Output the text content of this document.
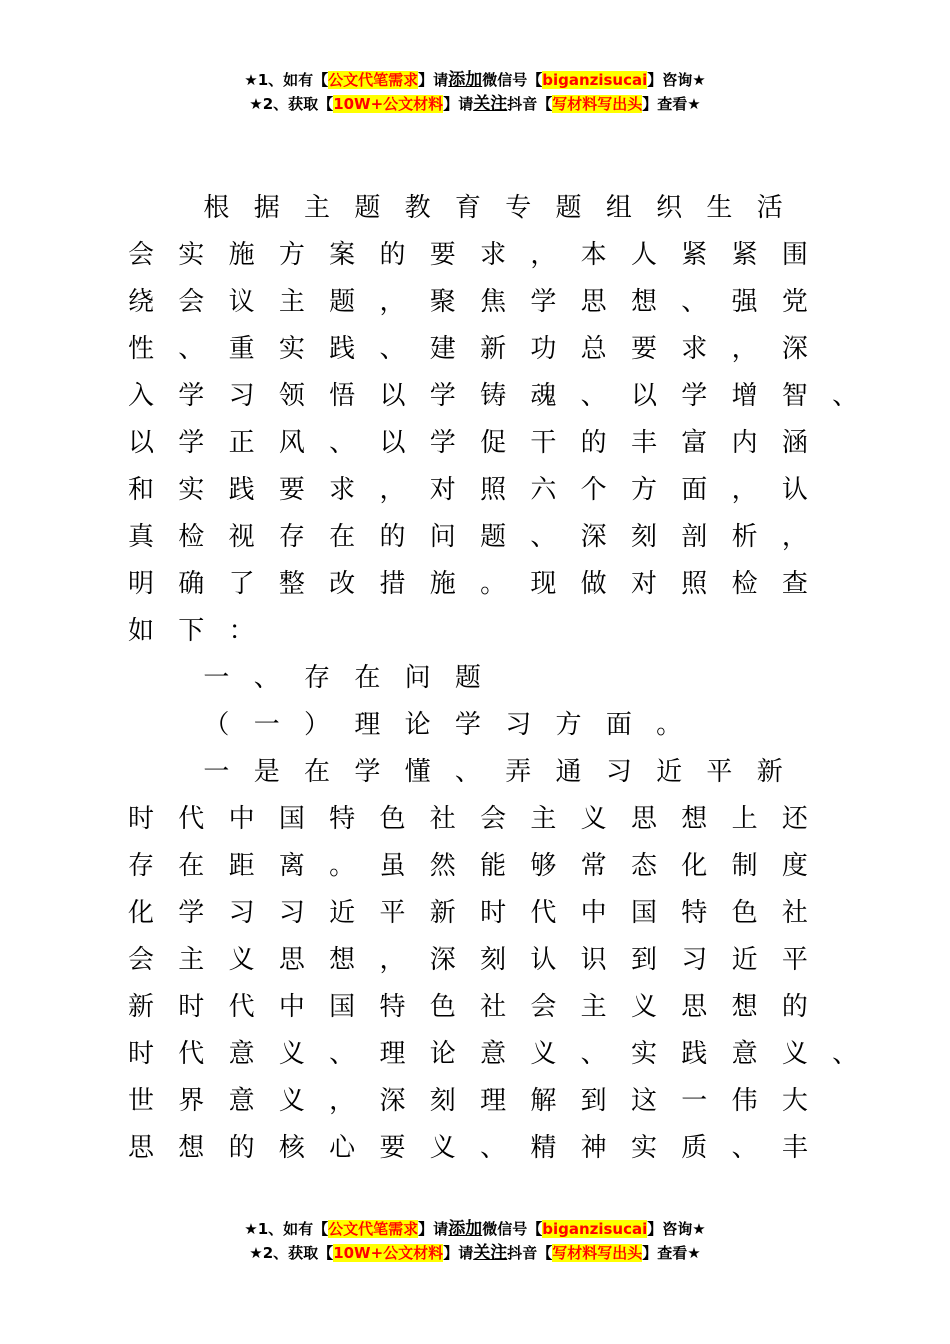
★1、如有【公文代笔需求】请添加微信号【biganzisucai】咨询★
★2、获取【10W+公文材料】请关注抖音【写材料写出头】查看★
根 据 主 题 教 育 专 题 组 织 生 活
会 实 施 方 案 的 要 求 ， 本 人 紧 紧 围
绕 会 议 主 题 ， 聚 焦 学 思 想 、 强 党
性 、 重 实 践 、 建 新 功 总 要 求 ， 深
入 学 习 领 悟 以 学 铸 魂 、 以 学 增 智 、
以 学 正 风 、 以 学 促 干 的 丰 富 内 涵
和 实 践 要 求 ， 对 照 六 个 方 面 ， 认
真 检 视 存 在 的 问 题 、 深 刻 剖 析 ，
明 确 了 整 改 措 施 。 现 做 对 照 检 查
如 下 ：
一 、 存 在 问 题
（ 一 ） 理 论 学 习 方 面 。
一 是 在 学 懂 、 弄 通 习 近 平 新
时 代 中 国 特 色 社 会 主 义 思 想 上 还
存 在 距 离 。 虽 然 能 够 常 态 化 制 度
化 学 习 习 近 平 新 时 代 中 国 特 色 社
会 主 义 思 想 ， 深 刻 认 识 到 习 近 平
新 时 代 中 国 特 色 社 会 主 义 思 想 的
时 代 意 义 、 理 论 意 义 、 实 践 意 义 、
世 界 意 义 ， 深 刻 理 解 到 这 一 伟 大
思 想 的 核 心 要 义 、 精 神 实 质 、 丰
★1、如有【公文代笔需求】请添加微信号【biganzisucai】咨询★
★2、获取【10W+公文材料】请关注抖音【写材料写出头】查看★
